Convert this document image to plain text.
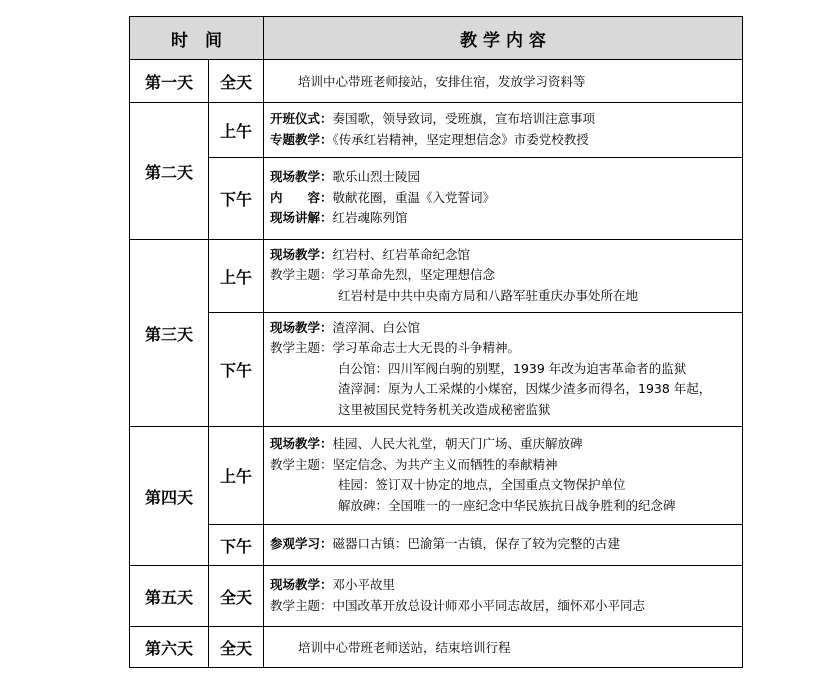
时　间		教 学 内 容
第一天	全天	培训中心带班老师接站，安排住宿，发放学习资料等
第二天	上午	开班仪式：奏国歌，领导致词，受班旗，宣布培训注意事项
专题教学：《传承红岩精神，坚定理想信念》市委党校教授

	下午	现场教学：歌乐山烈士陵园
内　　容：敬献花圈，重温《入党誓词》
现场讲解：红岩魂陈列馆

第三天	上午	现场教学：红岩村、红岩革命纪念馆
教学主题：学习革命先烈，坚定理想信念
红岩村是中共中央南方局和八路军驻重庆办事处所在地

	下午	现场教学：渣滓洞、白公馆
教学主题：学习革命志士大无畏的斗争精神。
白公馆：四川军阀白驹的别墅，1939 年改为迫害革命者的监狱
渣滓洞：原为人工采煤的小煤窑，因煤少渣多而得名，1938 年起，
这里被国民党特务机关改造成秘密监狱

第四天	上午	现场教学：桂园、人民大礼堂，朝天门广场、重庆解放碑
教学主题：坚定信念、为共产主义而牺牲的奉献精神
桂园：签订双十协定的地点，全国重点文物保护单位
解放碑：全国唯一的一座纪念中华民族抗日战争胜利的纪念碑

	下午	参观学习：磁器口古镇：巴渝第一古镇，保存了较为完整的古建

第五天	全天	现场教学：邓小平故里
教学主题：中国改革开放总设计师邓小平同志故居，缅怀邓小平同志

第六天	全天	培训中心带班老师送站，结束培训行程
